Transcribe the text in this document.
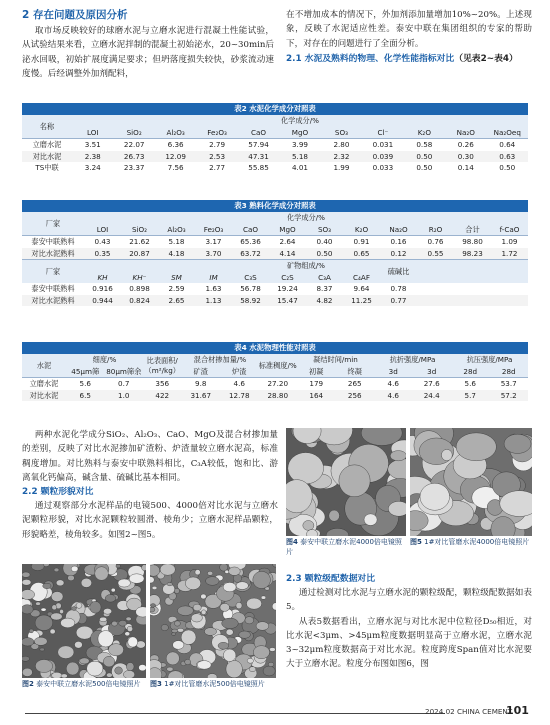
2 存在问题及原因分析

取市场反映较好的球磨水泥与立磨水泥进行混凝土性能试验，从试验结果来看，立磨水泥拌制的混凝土初始泌水，20~30min后泌水回吸，初始扩展度满足要求；但坍落度损失较快，砂浆流动速度慢。后经调整外加剂配料，

在不增加成本的情况下，外加剂添加量增加10%~20%。上述现象，反映了水泥适应性差。泰安中联在集团组织的专家的帮助下，对存在的问题进行了全面分析。

2.1 水泥及熟料的物理、化学性能指标对比（见表2~表4）
表2 水泥化学成分对照表
名称	化学成分/%										
	LOI	SiO₂	Al₂O₃	Fe₂O₃	CaO	MgO	SO₃	Cl⁻	K₂O	Na₂O	Na₂Oeq
立磨水泥	3.51	22.07	6.36	2.79	57.94	3.99	2.80	0.031	0.58	0.26	0.64
对比水泥	2.38	26.73	12.09	2.53	47.31	5.18	2.32	0.039	0.50	0.30	0.63
TS中联	3.24	23.37	7.56	2.77	55.85	4.01	1.99	0.033	0.50	0.14	0.50
表3 熟料化学成分对照表
厂家	化学成分/%											
	LOI	SiO₂	Al₂O₃	Fe₂O₃	CaO	MgO	SO₃	K₂O	Na₂O	R₂O	合计	f-CaO
泰安中联熟料	0.43	21.62	5.18	3.17	65.36	2.64	0.40	0.91	0.16	0.76	98.80	1.09
对比水泥熟料	0.35	20.87	4.18	3.70	63.72	4.14	0.50	0.65	0.12	0.55	98.23	1.72
厂家					矿物组成/%				硫碱比			
	KH	KH⁻	SM	IM	C₃S	C₂S	C₃A	C₄AF				
泰安中联熟料	0.916	0.898	2.59	1.63	56.78	19.24	8.37	9.64	0.78			
对比水泥熟料	0.944	0.824	2.65	1.13	58.92	15.47	4.82	11.25	0.77			
表4 水泥物理性能对照表
水泥	细度/%		比表面积/（m²/kg）	混合材掺加量/%		标准稠度/%	凝结时间/min		抗折强度/MPa		抗压强度/MPa	
	45μm筛	80μm筛余		矿渣	炉渣		初凝	终凝	3d	3d	28d	28d
立磨水泥	5.6	0.7	356	9.8	4.6	27.20	179	265	4.6	27.6	5.6	53.7
对比水泥	6.5	1.0	422	31.67	12.78	28.80	164	256	4.6	24.4	5.7	57.2

两种水泥化学成分SiO₂、Al₂O₃、CaO、MgO及混合材掺加量的差别，反映了对比水泥掺加矿渣粉、炉渣量较立磨水泥高，标准稠度增加。对比熟料与泰安中联熟料相比，C₃A较低，饱和比、游离氧化钙偏高，碱含量、硫碱比基本相同。

2.2 颗粒形貌对比

通过观察部分水泥样品的电镜500、4000倍对比水泥与立磨水泥颗粒形貌，对比水泥颗粒较圆滑、棱角少；立磨水泥样品颗粒，形貌略差，棱角较多。如图2~图5。

图2 泰安中联立磨水泥500倍电镜照片	图3 1#对比管磨水泥500倍电镜照片
图4 泰安中联立磨水泥4000倍电镜照片
图5 1#对比管磨水泥4000倍电镜照片
2.3 颗粒级配数据对比

通过检测对比水泥与立磨水泥的颗粒级配，颗粒级配数据如表5。

从表5数据看出，立磨水泥与对比水泥中位粒径D₅₀相近，对比水泥<3μm、>45μm粒度数据明显高于立磨水泥，立磨水泥3~32μm粒度数据高于对比水泥。粒度跨度Span值对比水泥要大于立磨水泥。粒度分布图如图6，图

2024.02 CHINA CEMENT
101
